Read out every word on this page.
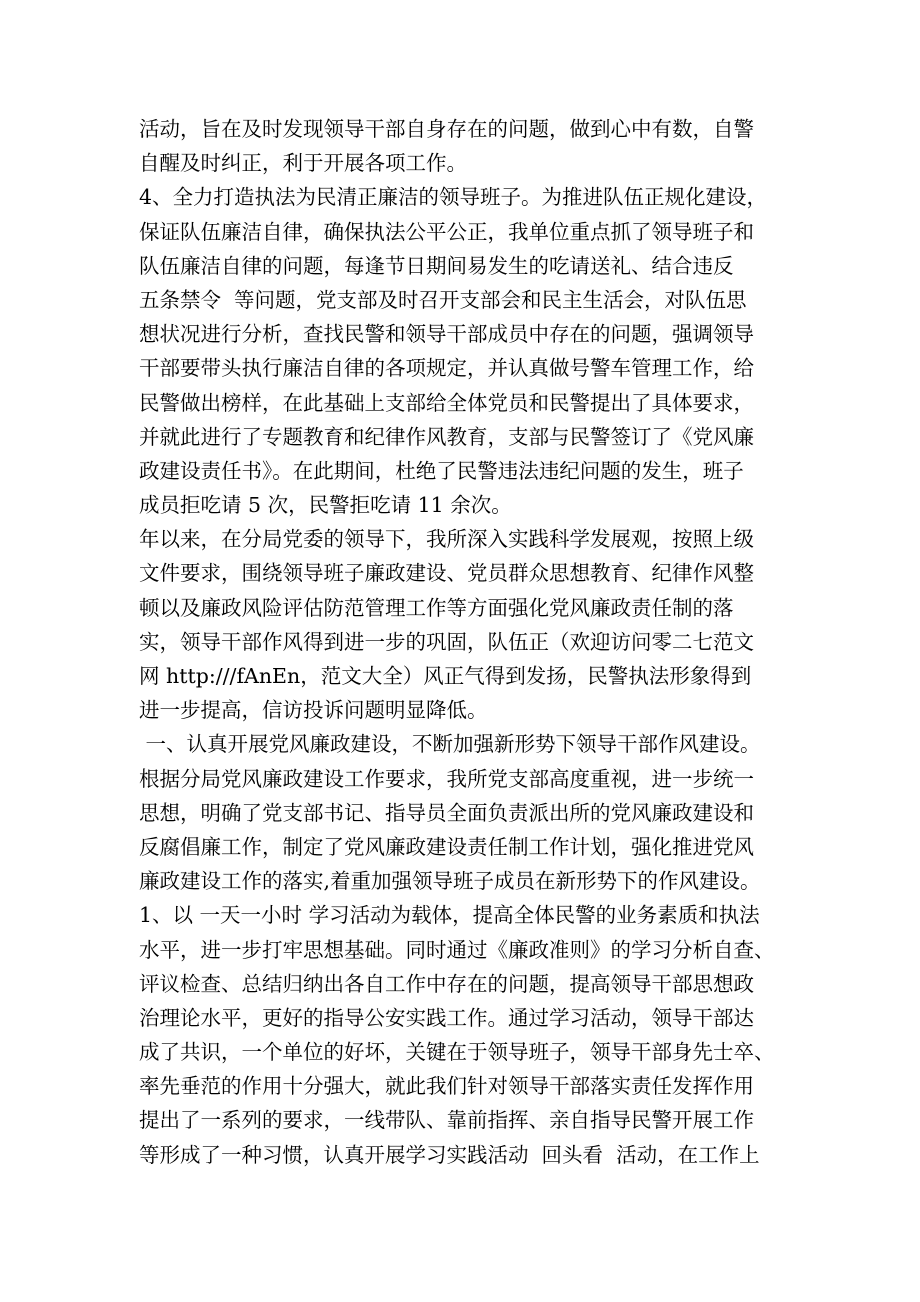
活动，旨在及时发现领导干部自身存在的问题，做到心中有数，自警
自醒及时纠正，利于开展各项工作。
4、全力打造执法为民清正廉洁的领导班子。为推进队伍正规化建设，
保证队伍廉洁自律，确保执法公平公正，我单位重点抓了领导班子和
队伍廉洁自律的问题，每逢节日期间易发生的吃请送礼、结合违反
五条禁令  等问题，党支部及时召开支部会和民主生活会，对队伍思
想状况进行分析，查找民警和领导干部成员中存在的问题，强调领导
干部要带头执行廉洁自律的各项规定，并认真做号警车管理工作，给
民警做出榜样，在此基础上支部给全体党员和民警提出了具体要求，
并就此进行了专题教育和纪律作风教育，支部与民警签订了《党风廉
政建设责任书》。在此期间，杜绝了民警违法违纪问题的发生，班子
成员拒吃请 5 次，民警拒吃请 11 余次。
年以来，在分局党委的领导下，我所深入实践科学发展观，按照上级
文件要求，围绕领导班子廉政建设、党员群众思想教育、纪律作风整
顿以及廉政风险评估防范管理工作等方面强化党风廉政责任制的落
实，领导干部作风得到进一步的巩固，队伍正（欢迎访问零二七范文
网 http:///fAnEn，范文大全）风正气得到发扬，民警执法形象得到
进一步提高，信访投诉问题明显降低。
一、认真开展党风廉政建设，不断加强新形势下领导干部作风建设。
根据分局党风廉政建设工作要求，我所党支部高度重视，进一步统一
思想，明确了党支部书记、指导员全面负责派出所的党风廉政建设和
反腐倡廉工作，制定了党风廉政建设责任制工作计划，强化推进党风
廉政建设工作的落实,着重加强领导班子成员在新形势下的作风建设。
1、以 一天一小时 学习活动为载体，提高全体民警的业务素质和执法
水平，进一步打牢思想基础。同时通过《廉政准则》的学习分析自查、
评议检查、总结归纳出各自工作中存在的问题，提高领导干部思想政
治理论水平，更好的指导公安实践工作。通过学习活动，领导干部达
成了共识，一个单位的好坏，关键在于领导班子，领导干部身先士卒、
率先垂范的作用十分强大，就此我们针对领导干部落实责任发挥作用
提出了一系列的要求，一线带队、靠前指挥、亲自指导民警开展工作
等形成了一种习惯，认真开展学习实践活动  回头看  活动，在工作上
